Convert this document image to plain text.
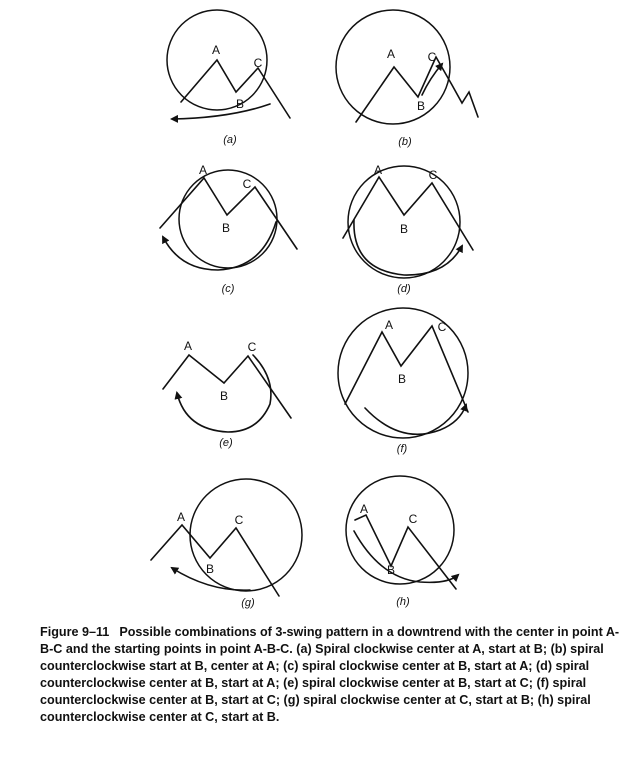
A
B
C
(a)
A
B
C
(b)
A
B
C
(c)
A
B
C
(d)
A
B
C
(e)
A
B
C
(f)
A
B
C
(g)
A
B
C
(h)

Figure 9–11 Possible combinations of 3-swing pattern in a downtrend with the center in point A-B-C and the starting points in point A-B-C. (a) Spiral clockwise center at A, start at B; (b) spiral counterclockwise start at B, center at A; (c) spiral clockwise center at B, start at A; (d) spiral counterclockwise center at B, start at A; (e) spiral clockwise center at B, start at C; (f) spiral counterclockwise center at B, start at C; (g) spiral clockwise center at C, start at B; (h) spiral counterclockwise center at C, start at B.
